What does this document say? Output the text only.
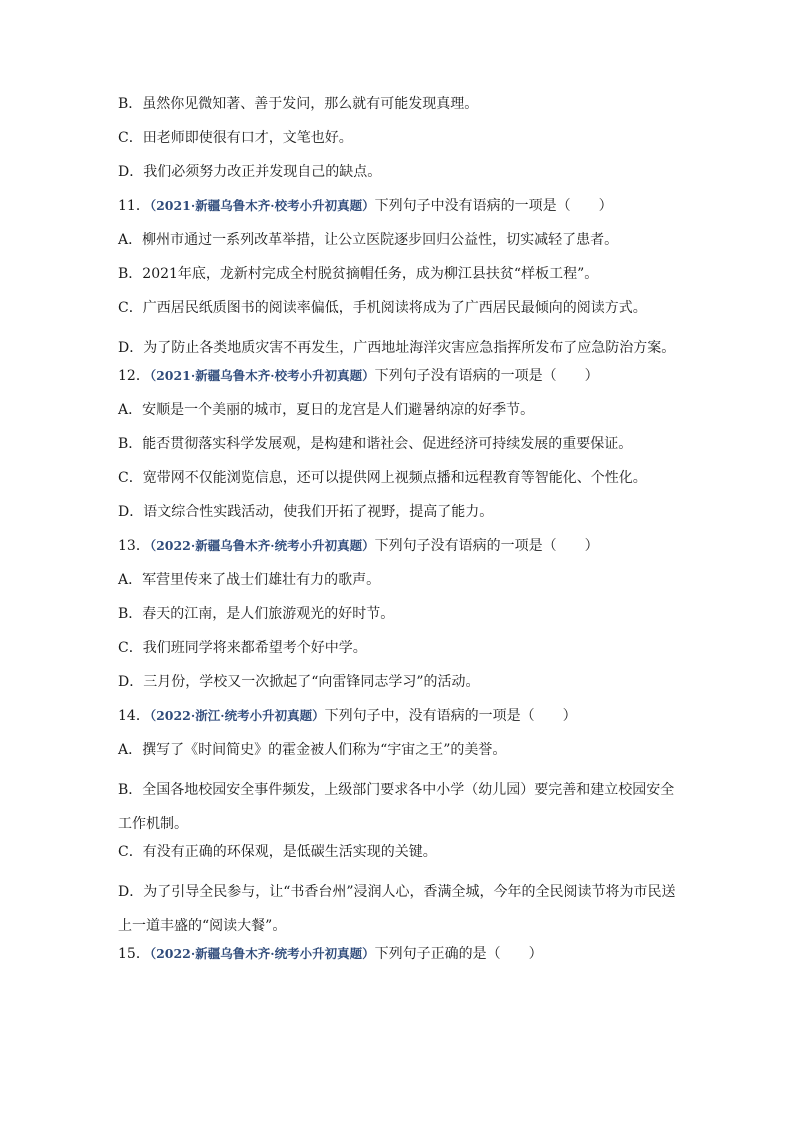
B．虽然你见微知著、善于发问，那么就有可能发现真理。
C．田老师即使很有口才，文笔也好。
D．我们必须努力改正并发现自己的缺点。
11．（2021·新疆乌鲁木齐·校考小升初真题）下列句子中没有语病的一项是（　　）
A．柳州市通过一系列改革举措，让公立医院逐步回归公益性，切实减轻了患者。
B．2021年底，龙新村完成全村脱贫摘帽任务，成为柳江县扶贫“样板工程”。
C．广西居民纸质图书的阅读率偏低，手机阅读将成为了广西居民最倾向的阅读方式。
D．为了防止各类地质灾害不再发生，广西地址海洋灾害应急指挥所发布了应急防治方案。
12．（2021·新疆乌鲁木齐·校考小升初真题）下列句子没有语病的一项是（　　）
A．安顺是一个美丽的城市，夏日的龙宫是人们避暑纳凉的好季节。
B．能否贯彻落实科学发展观，是构建和谐社会、促进经济可持续发展的重要保证。
C．宽带网不仅能浏览信息，还可以提供网上视频点播和远程教育等智能化、个性化。
D．语文综合性实践活动，使我们开拓了视野，提高了能力。
13．（2022·新疆乌鲁木齐·统考小升初真题）下列句子没有语病的一项是（　　）
A．军营里传来了战士们雄壮有力的歌声。
B．春天的江南，是人们旅游观光的好时节。
C．我们班同学将来都希望考个好中学。
D．三月份，学校又一次掀起了“向雷锋同志学习”的活动。
14．（2022·浙江·统考小升初真题）下列句子中，没有语病的一项是（　　）
A．撰写了《时间简史》的霍金被人们称为“宇宙之王”的美誉。
B．全国各地校园安全事件频发，上级部门要求各中小学（幼儿园）要完善和建立校园安全工作机制。
C．有没有正确的环保观，是低碳生活实现的关键。
D．为了引导全民参与，让“书香台州”浸润人心，香满全城，今年的全民阅读节将为市民送上一道丰盛的“阅读大餐”。
15．（2022·新疆乌鲁木齐·统考小升初真题）下列句子正确的是（　　）
